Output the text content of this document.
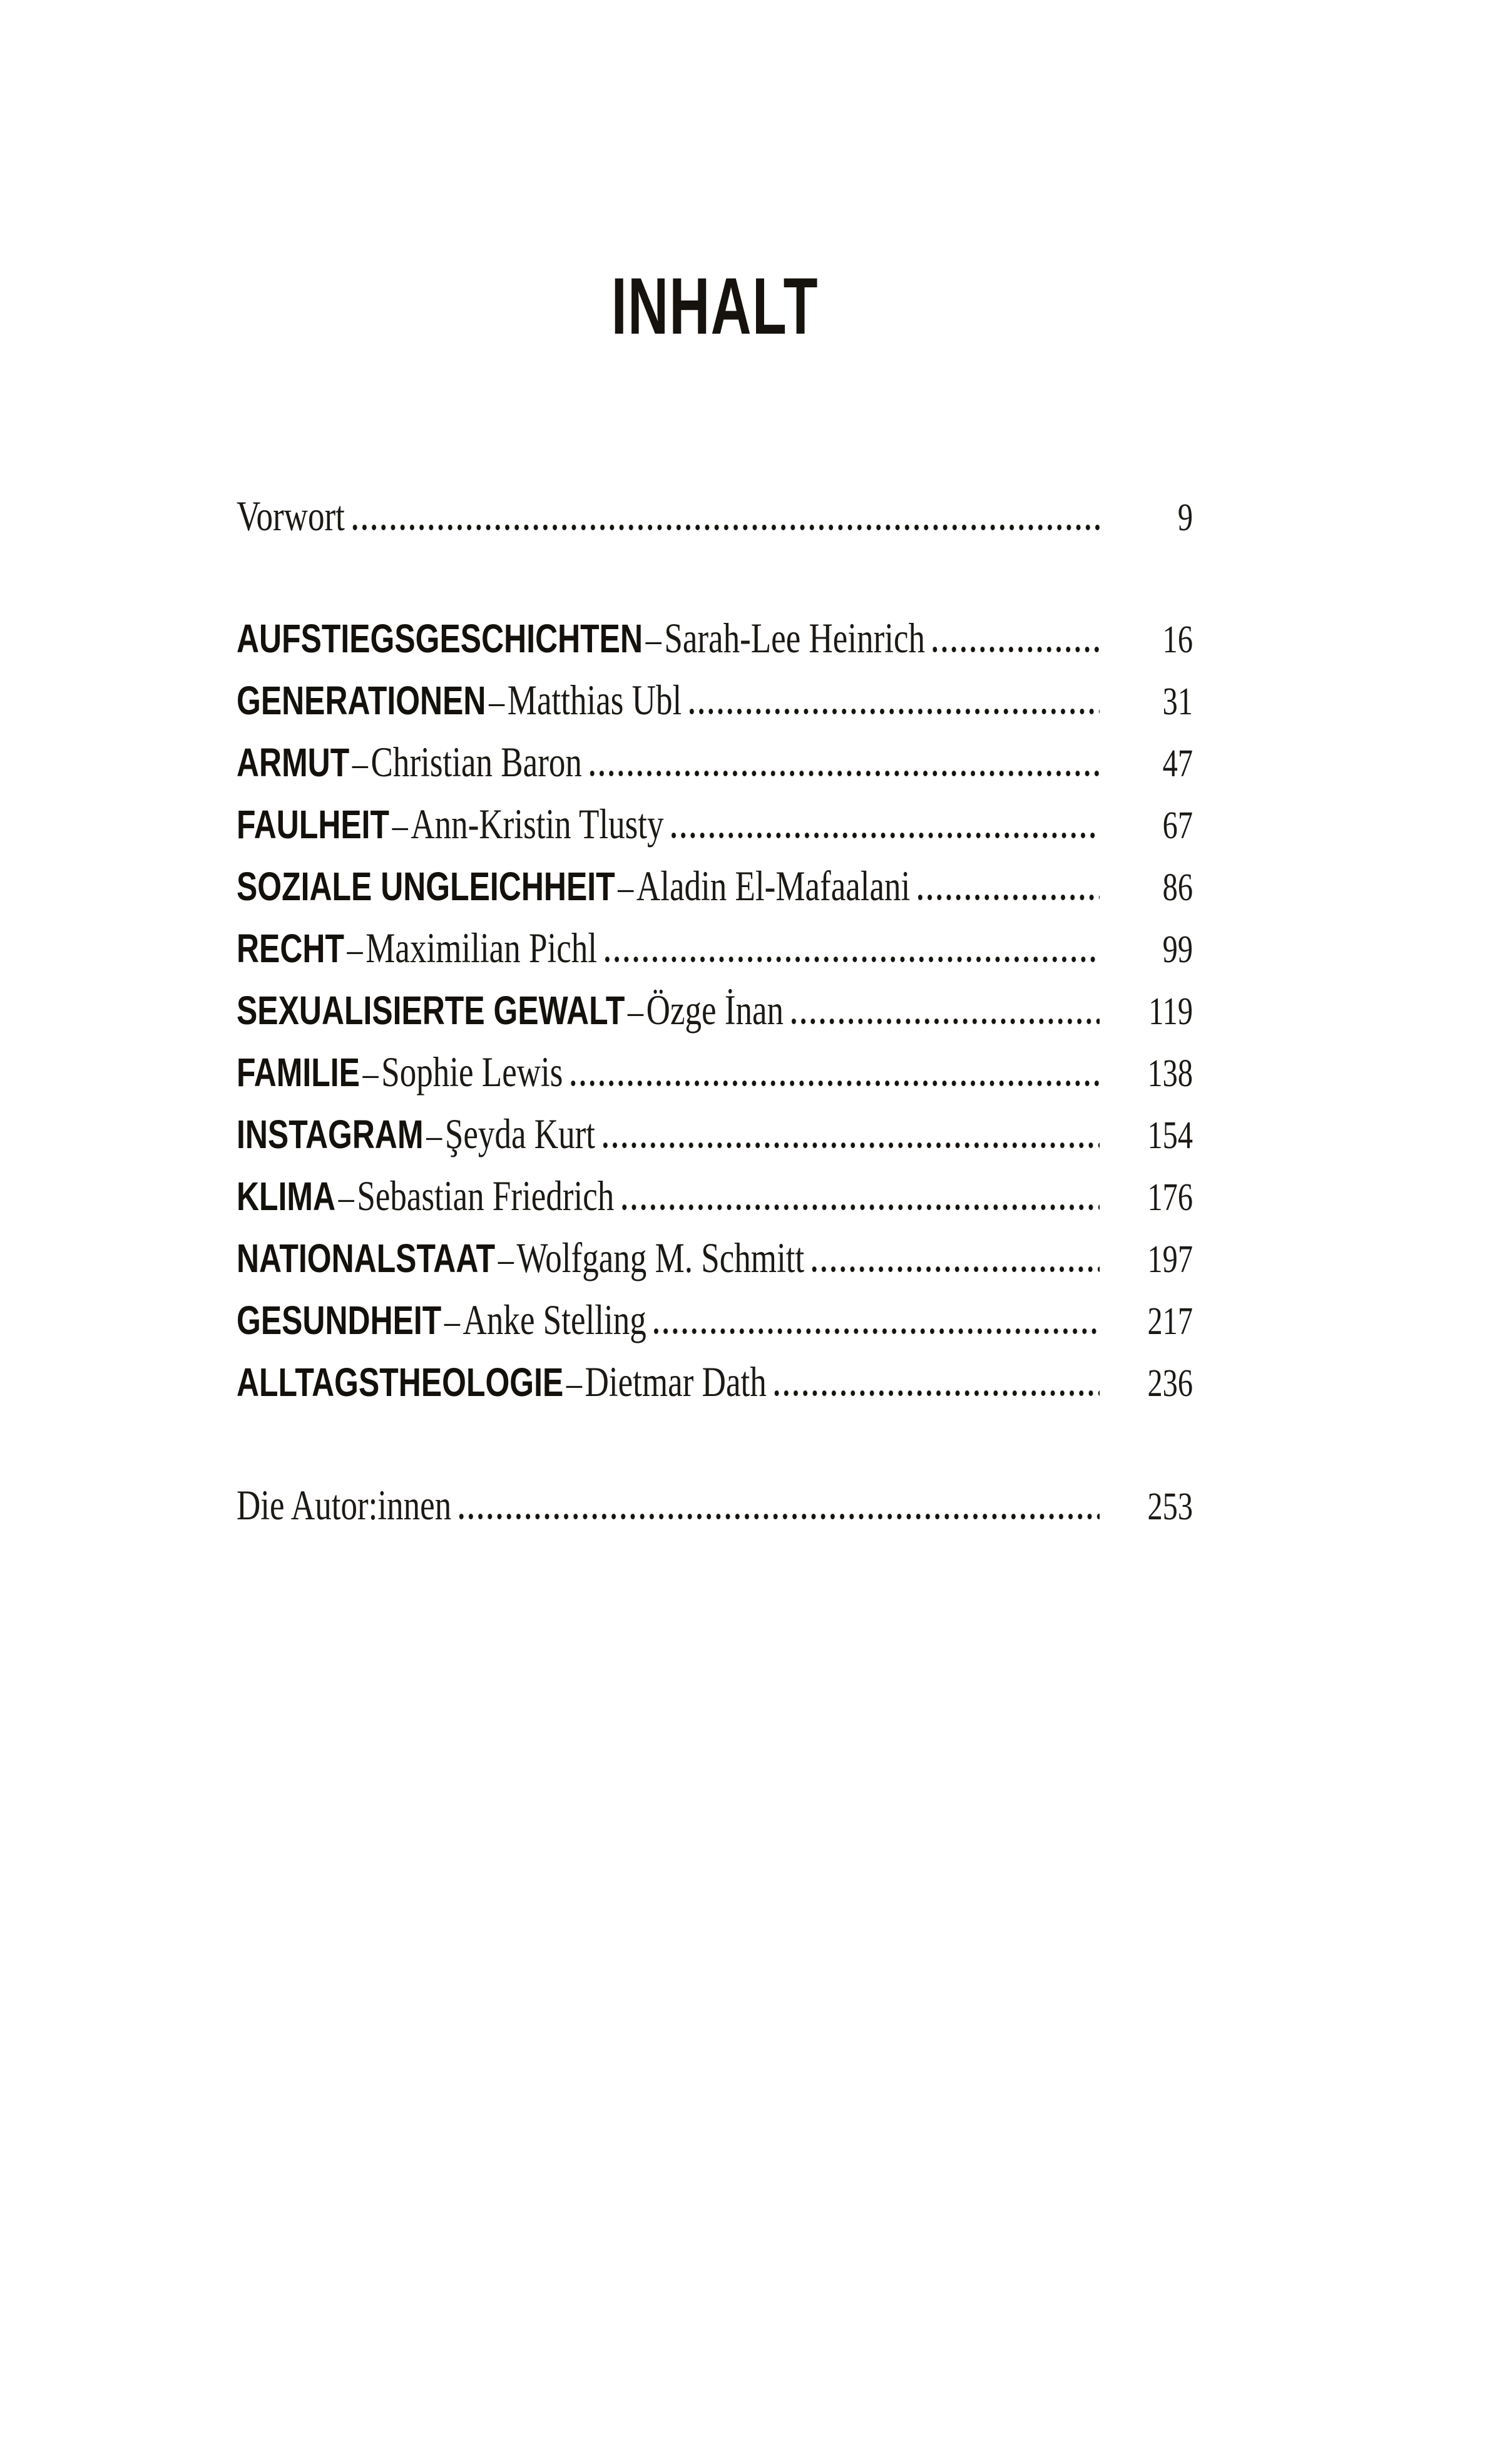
INHALT
Vorwort	9
AUFSTIEGSGESCHICHTEN – Sarah-Lee Heinrich	16
GENERATIONEN – Matthias Ubl	31
ARMUT – Christian Baron	47
FAULHEIT – Ann-Kristin Tlusty	67
SOZIALE UNGLEICHHEIT – Aladin El-Mafaalani	86
RECHT – Maximilian Pichl	99
SEXUALISIERTE GEWALT – Özge İnan	119
FAMILIE – Sophie Lewis	138
INSTAGRAM – Şeyda Kurt	154
KLIMA – Sebastian Friedrich	176
NATIONALSTAAT – Wolfgang M. Schmitt	197
GESUNDHEIT – Anke Stelling	217
ALLTAGSTHEOLOGIE – Dietmar Dath	236
Die Autor:innen	253
